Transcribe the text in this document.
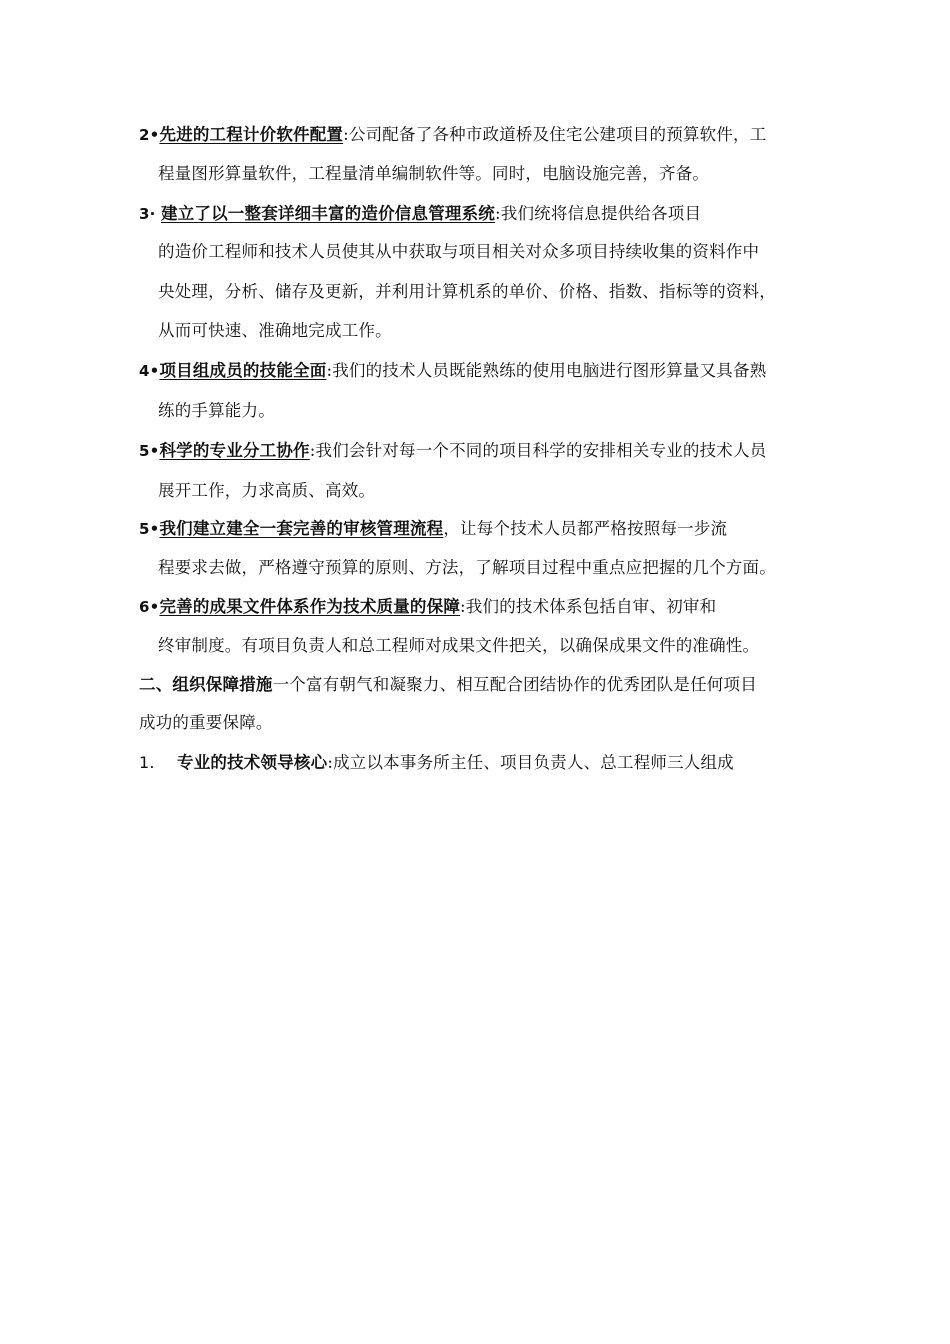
2•先进的工程计价软件配置:公司配备了各种市政道桥及住宅公建项目的预算软件，工
程量图形算量软件，工程量清单编制软件等。同时，电脑设施完善，齐备。
3· 建立了以一整套详细丰富的造价信息管理系统:我们统将信息提供给各项目
的造价工程师和技术人员使其从中获取与项目相关对众多项目持续收集的资料作中
央处理，分析、储存及更新，并利用计算机系的单价、价格、指数、指标等的资料，
从而可快速、准确地完成工作。
4•项目组成员的技能全面:我们的技术人员既能熟练的使用电脑进行图形算量又具备熟
练的手算能力。
5•科学的专业分工协作:我们会针对每一个不同的项目科学的安排相关专业的技术人员
展开工作，力求高质、高效。
5•我们建立建全一套完善的审核管理流程，让每个技术人员都严格按照每一步流
程要求去做，严格遵守预算的原则、方法，了解项目过程中重点应把握的几个方面。
6•完善的成果文件体系作为技术质量的保障:我们的技术体系包括自审、初审和
终审制度。有项目负责人和总工程师对成果文件把关，以确保成果文件的准确性。
二、组织保障措施一个富有朝气和凝聚力、相互配合团结协作的优秀团队是任何项目
成功的重要保障。
1. 专业的技术领导核心:成立以本事务所主任、项目负责人、总工程师三人组成
